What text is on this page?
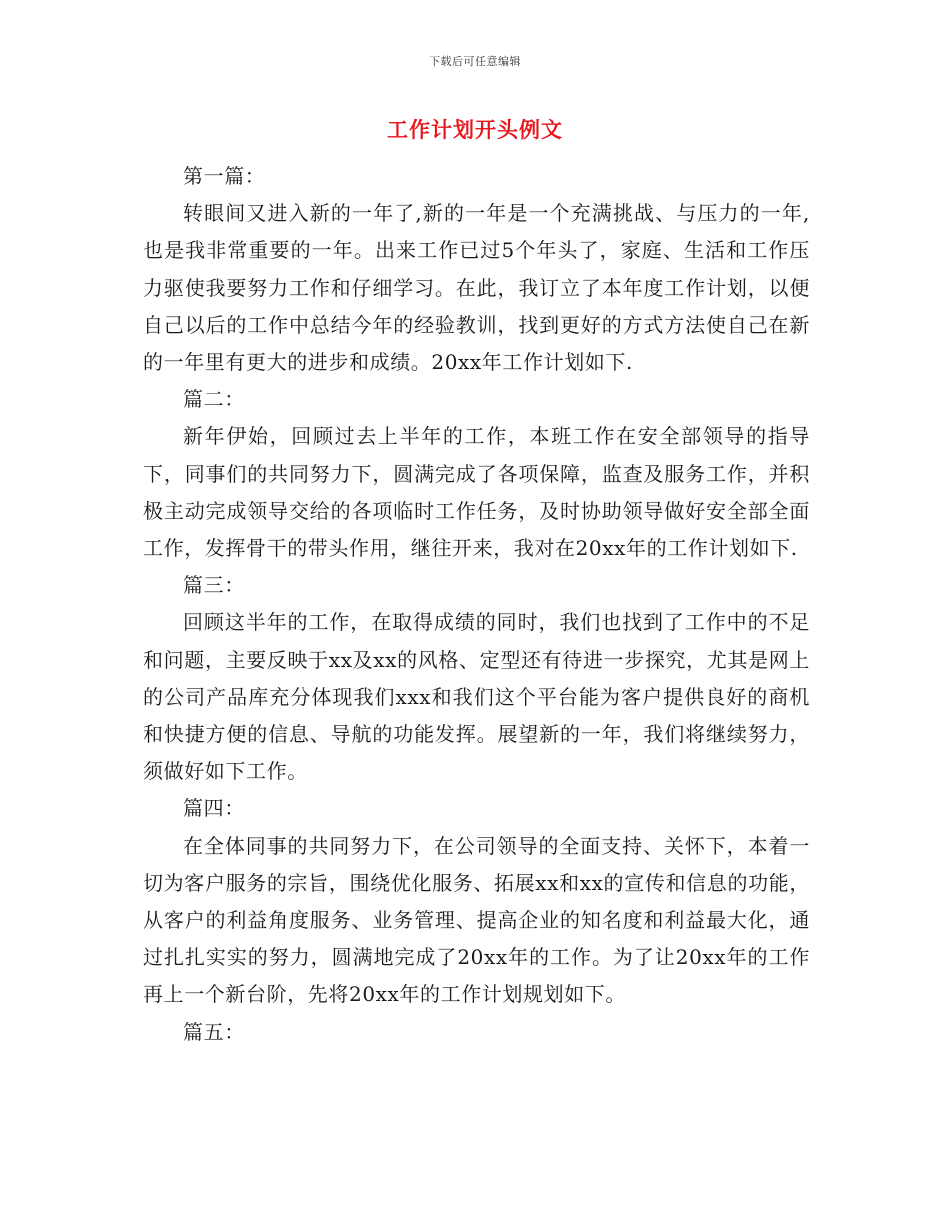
下载后可任意编辑
工作计划开头例文

第一篇：

转眼间又进入新的一年了,新的一年是一个充满挑战、与压力的一年,也是我非常重要的一年。出来工作已过5个年头了，家庭、生活和工作压力驱使我要努力工作和仔细学习。在此，我订立了本年度工作计划，以便自己以后的工作中总结今年的经验教训，找到更好的方式方法使自己在新的一年里有更大的进步和成绩。20xx年工作计划如下.

篇二：

新年伊始，回顾过去上半年的工作，本班工作在安全部领导的指导下，同事们的共同努力下，圆满完成了各项保障，监查及服务工作，并积极主动完成领导交给的各项临时工作任务，及时协助领导做好安全部全面工作，发挥骨干的带头作用，继往开来，我对在20xx年的工作计划如下.

篇三：

回顾这半年的工作，在取得成绩的同时，我们也找到了工作中的不足和问题，主要反映于xx及xx的风格、定型还有待进一步探究，尤其是网上的公司产品库充分体现我们xxx和我们这个平台能为客户提供良好的商机和快捷方便的信息、导航的功能发挥。展望新的一年，我们将继续努力，须做好如下工作。

篇四：

在全体同事的共同努力下，在公司领导的全面支持、关怀下，本着一切为客户服务的宗旨，围绕优化服务、拓展xx和xx的宣传和信息的功能，从客户的利益角度服务、业务管理、提高企业的知名度和利益最大化，通过扎扎实实的努力，圆满地完成了20xx年的工作。为了让20xx年的工作再上一个新台阶，先将20xx年的工作计划规划如下。

篇五：
